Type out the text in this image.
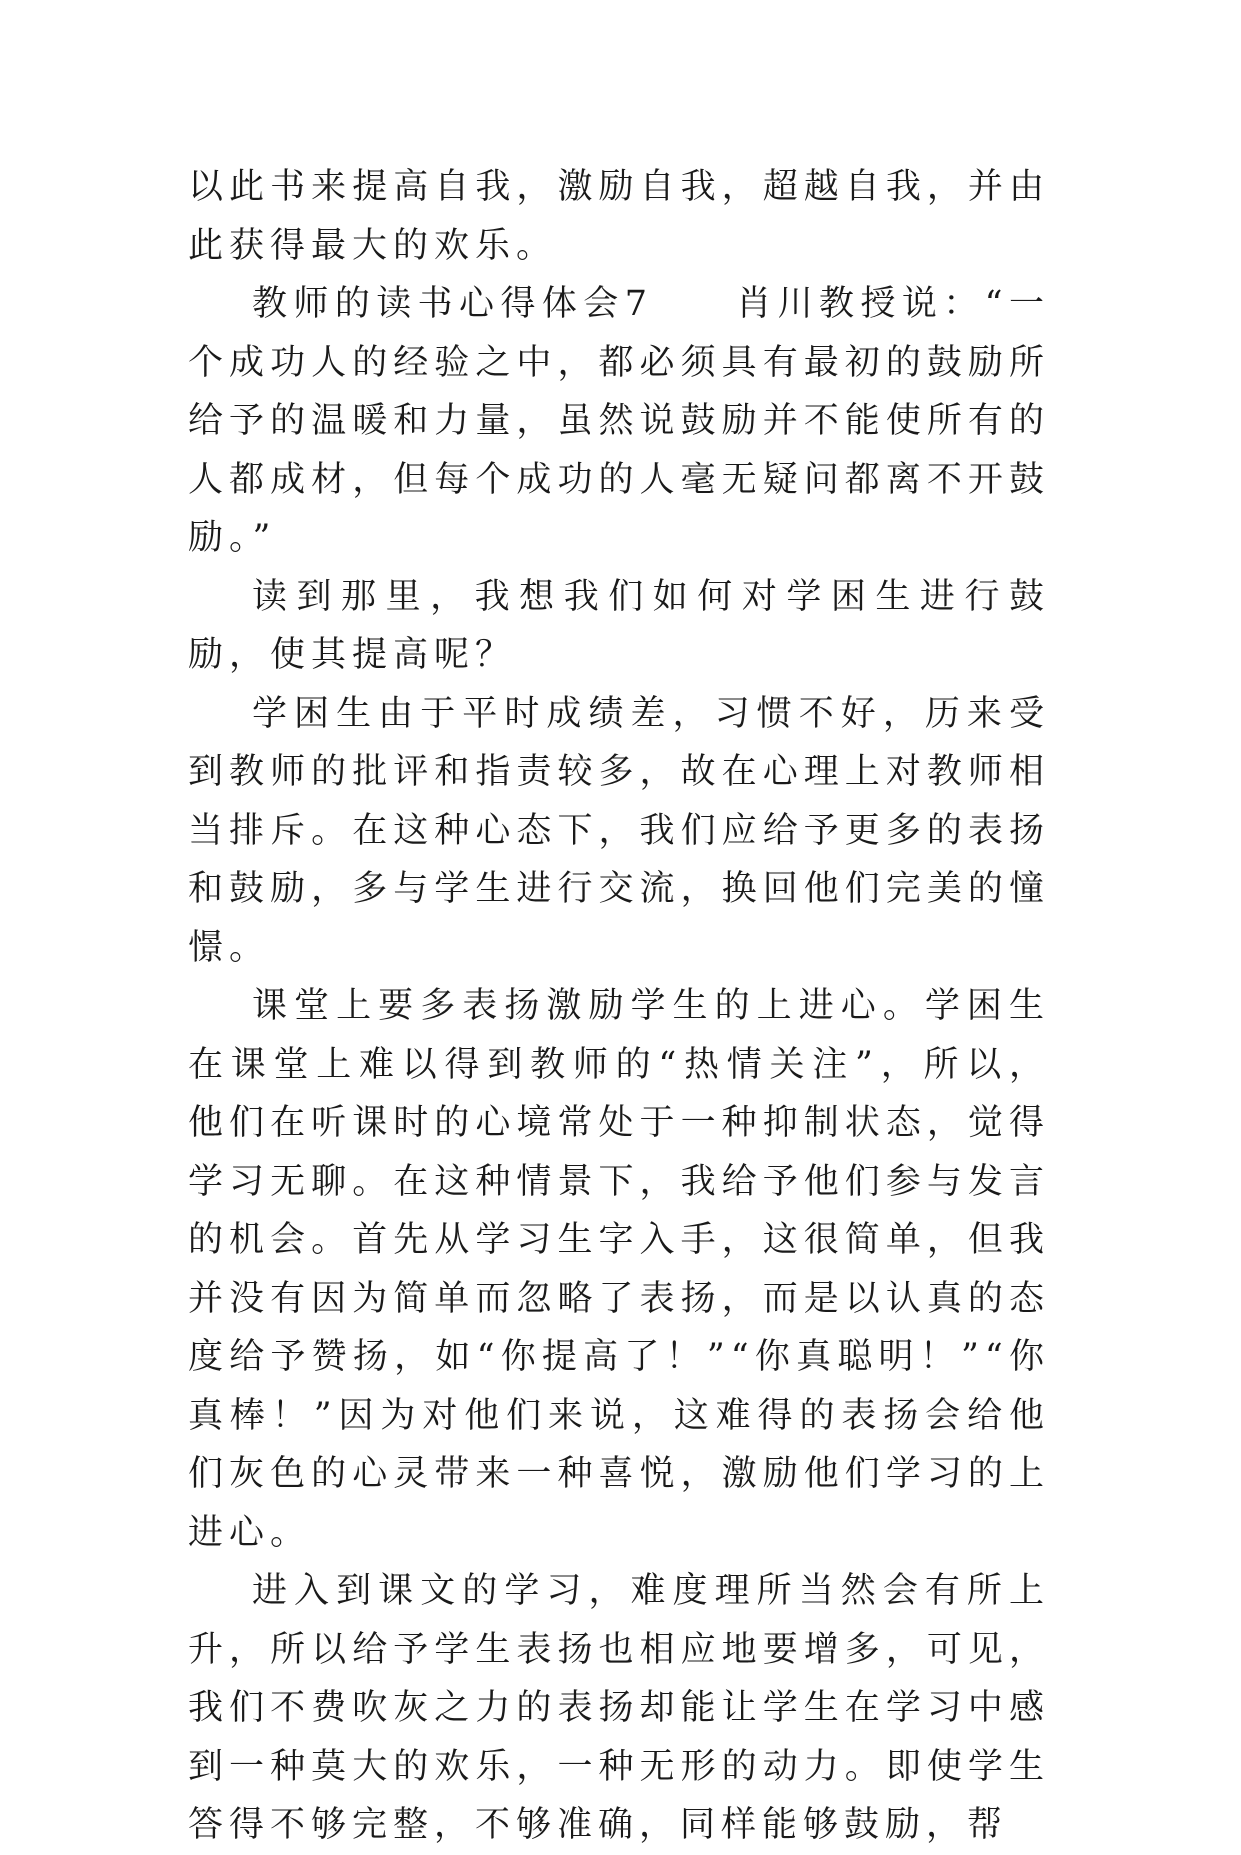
以此书来提高自我，激励自我，超越自我，并由此获得最大的欢乐。

教师的读书心得体会7　　肖川教授说：“一个成功人的经验之中，都必须具有最初的鼓励所给予的温暖和力量，虽然说鼓励并不能使所有的人都成材，但每个成功的人毫无疑问都离不开鼓励。”

读到那里，我想我们如何对学困生进行鼓励，使其提高呢？

学困生由于平时成绩差，习惯不好，历来受到教师的批评和指责较多，故在心理上对教师相当排斥。在这种心态下，我们应给予更多的表扬和鼓励，多与学生进行交流，换回他们完美的憧憬。

课堂上要多表扬激励学生的上进心。学困生在课堂上难以得到教师的“热情关注”，所以，他们在听课时的心境常处于一种抑制状态，觉得学习无聊。在这种情景下，我给予他们参与发言的机会。首先从学习生字入手，这很简单，但我并没有因为简单而忽略了表扬，而是以认真的态度给予赞扬，如“你提高了！”“你真聪明！”“你真棒！”因为对他们来说，这难得的表扬会给他们灰色的心灵带来一种喜悦，激励他们学习的上进心。

进入到课文的学习，难度理所当然会有所上升，所以给予学生表扬也相应地要增多，可见，我们不费吹灰之力的表扬却能让学生在学习中感到一种莫大的欢乐，一种无形的动力。即使学生答得不够完整，不够准确，同样能够鼓励，帮
